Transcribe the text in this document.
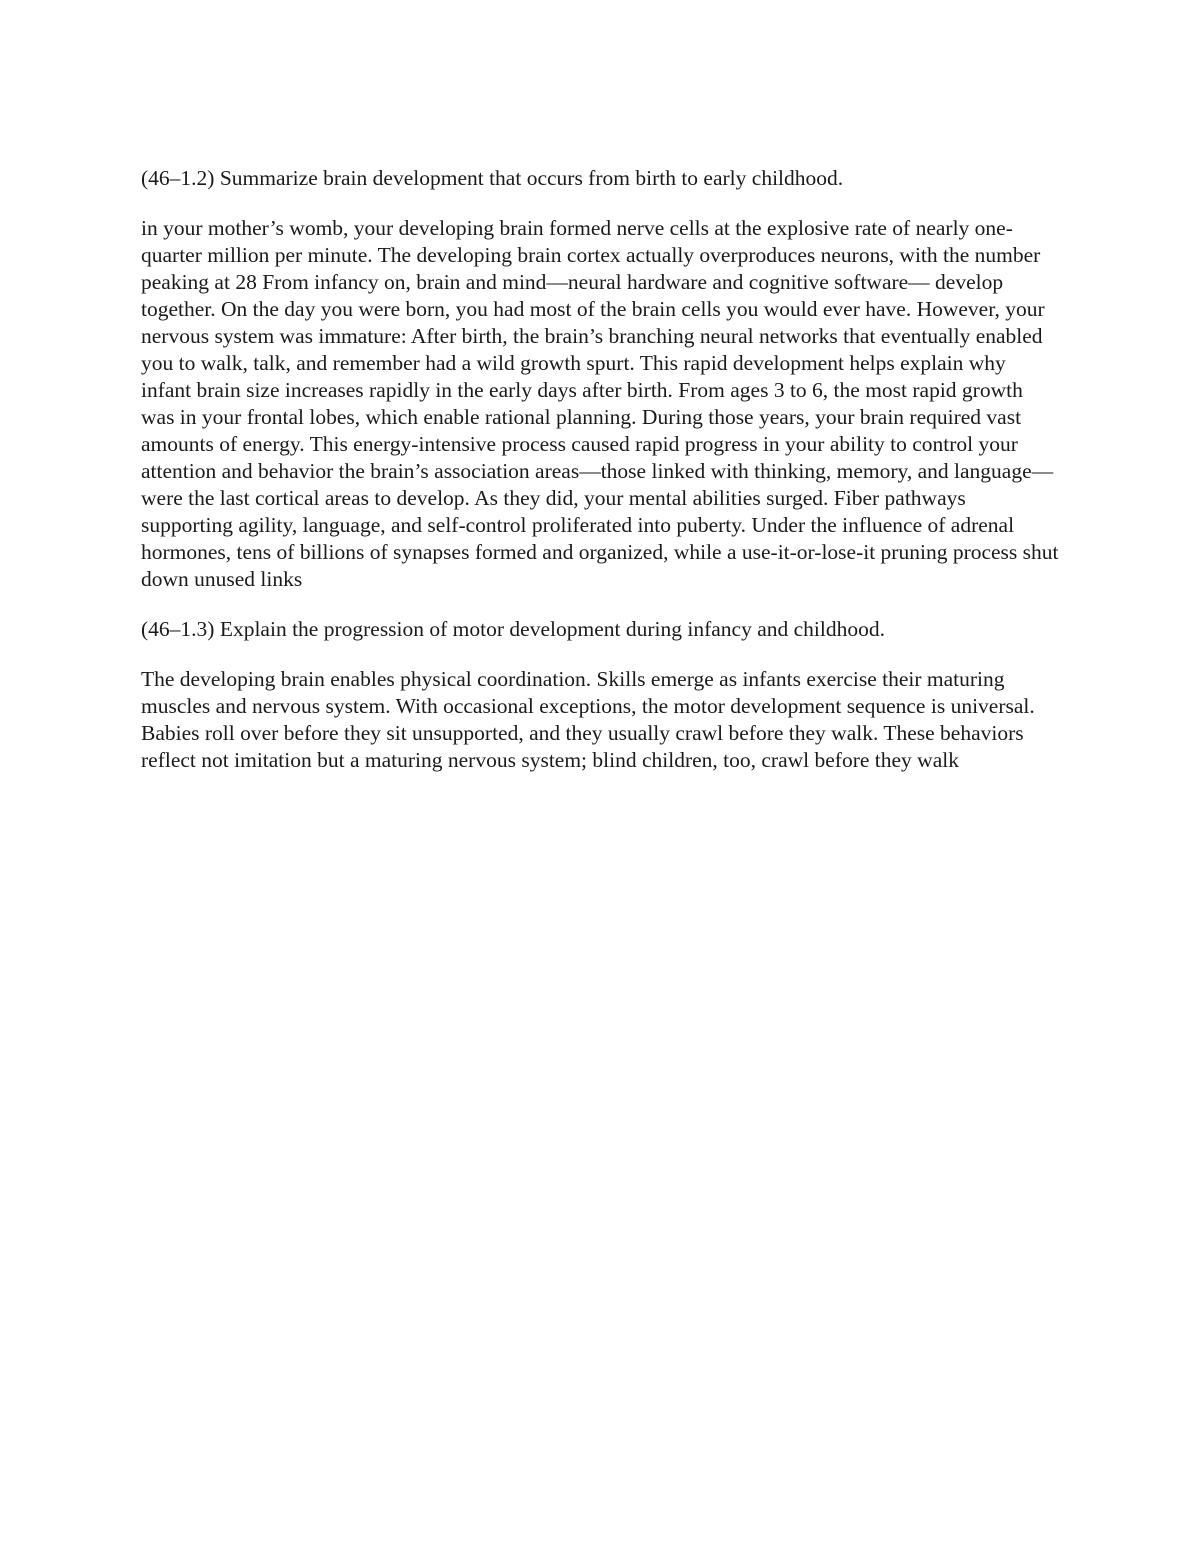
(46–1.2) Summarize brain development that occurs from birth to early childhood.

in your mother’s womb, your developing brain formed nerve cells at the explosive rate of nearly one-quarter million per minute. The developing brain cortex actually overproduces neurons, with the number peaking at 28 From infancy on, brain and mind—neural hardware and cognitive software— develop together. On the day you were born, you had most of the brain cells you would ever have. However, your nervous system was immature: After birth, the brain’s branching neural networks that eventually enabled you to walk, talk, and remember had a wild growth spurt. This rapid development helps explain why infant brain size increases rapidly in the early days after birth. From ages 3 to 6, the most rapid growth was in your frontal lobes, which enable rational planning. During those years, your brain required vast amounts of energy. This energy-intensive process caused rapid progress in your ability to control your attention and behavior the brain’s association areas—those linked with thinking, memory, and language— were the last cortical areas to develop. As they did, your mental abilities surged. Fiber pathways supporting agility, language, and self-control proliferated into puberty. Under the influence of adrenal hormones, tens of billions of synapses formed and organized, while a use-it-or-lose-it pruning process shut down unused links

(46–1.3) Explain the progression of motor development during infancy and childhood.

The developing brain enables physical coordination. Skills emerge as infants exercise their maturing muscles and nervous system. With occasional exceptions, the motor development sequence is universal. Babies roll over before they sit unsupported, and they usually crawl before they walk. These behaviors reflect not imitation but a maturing nervous system; blind children, too, crawl before they walk
